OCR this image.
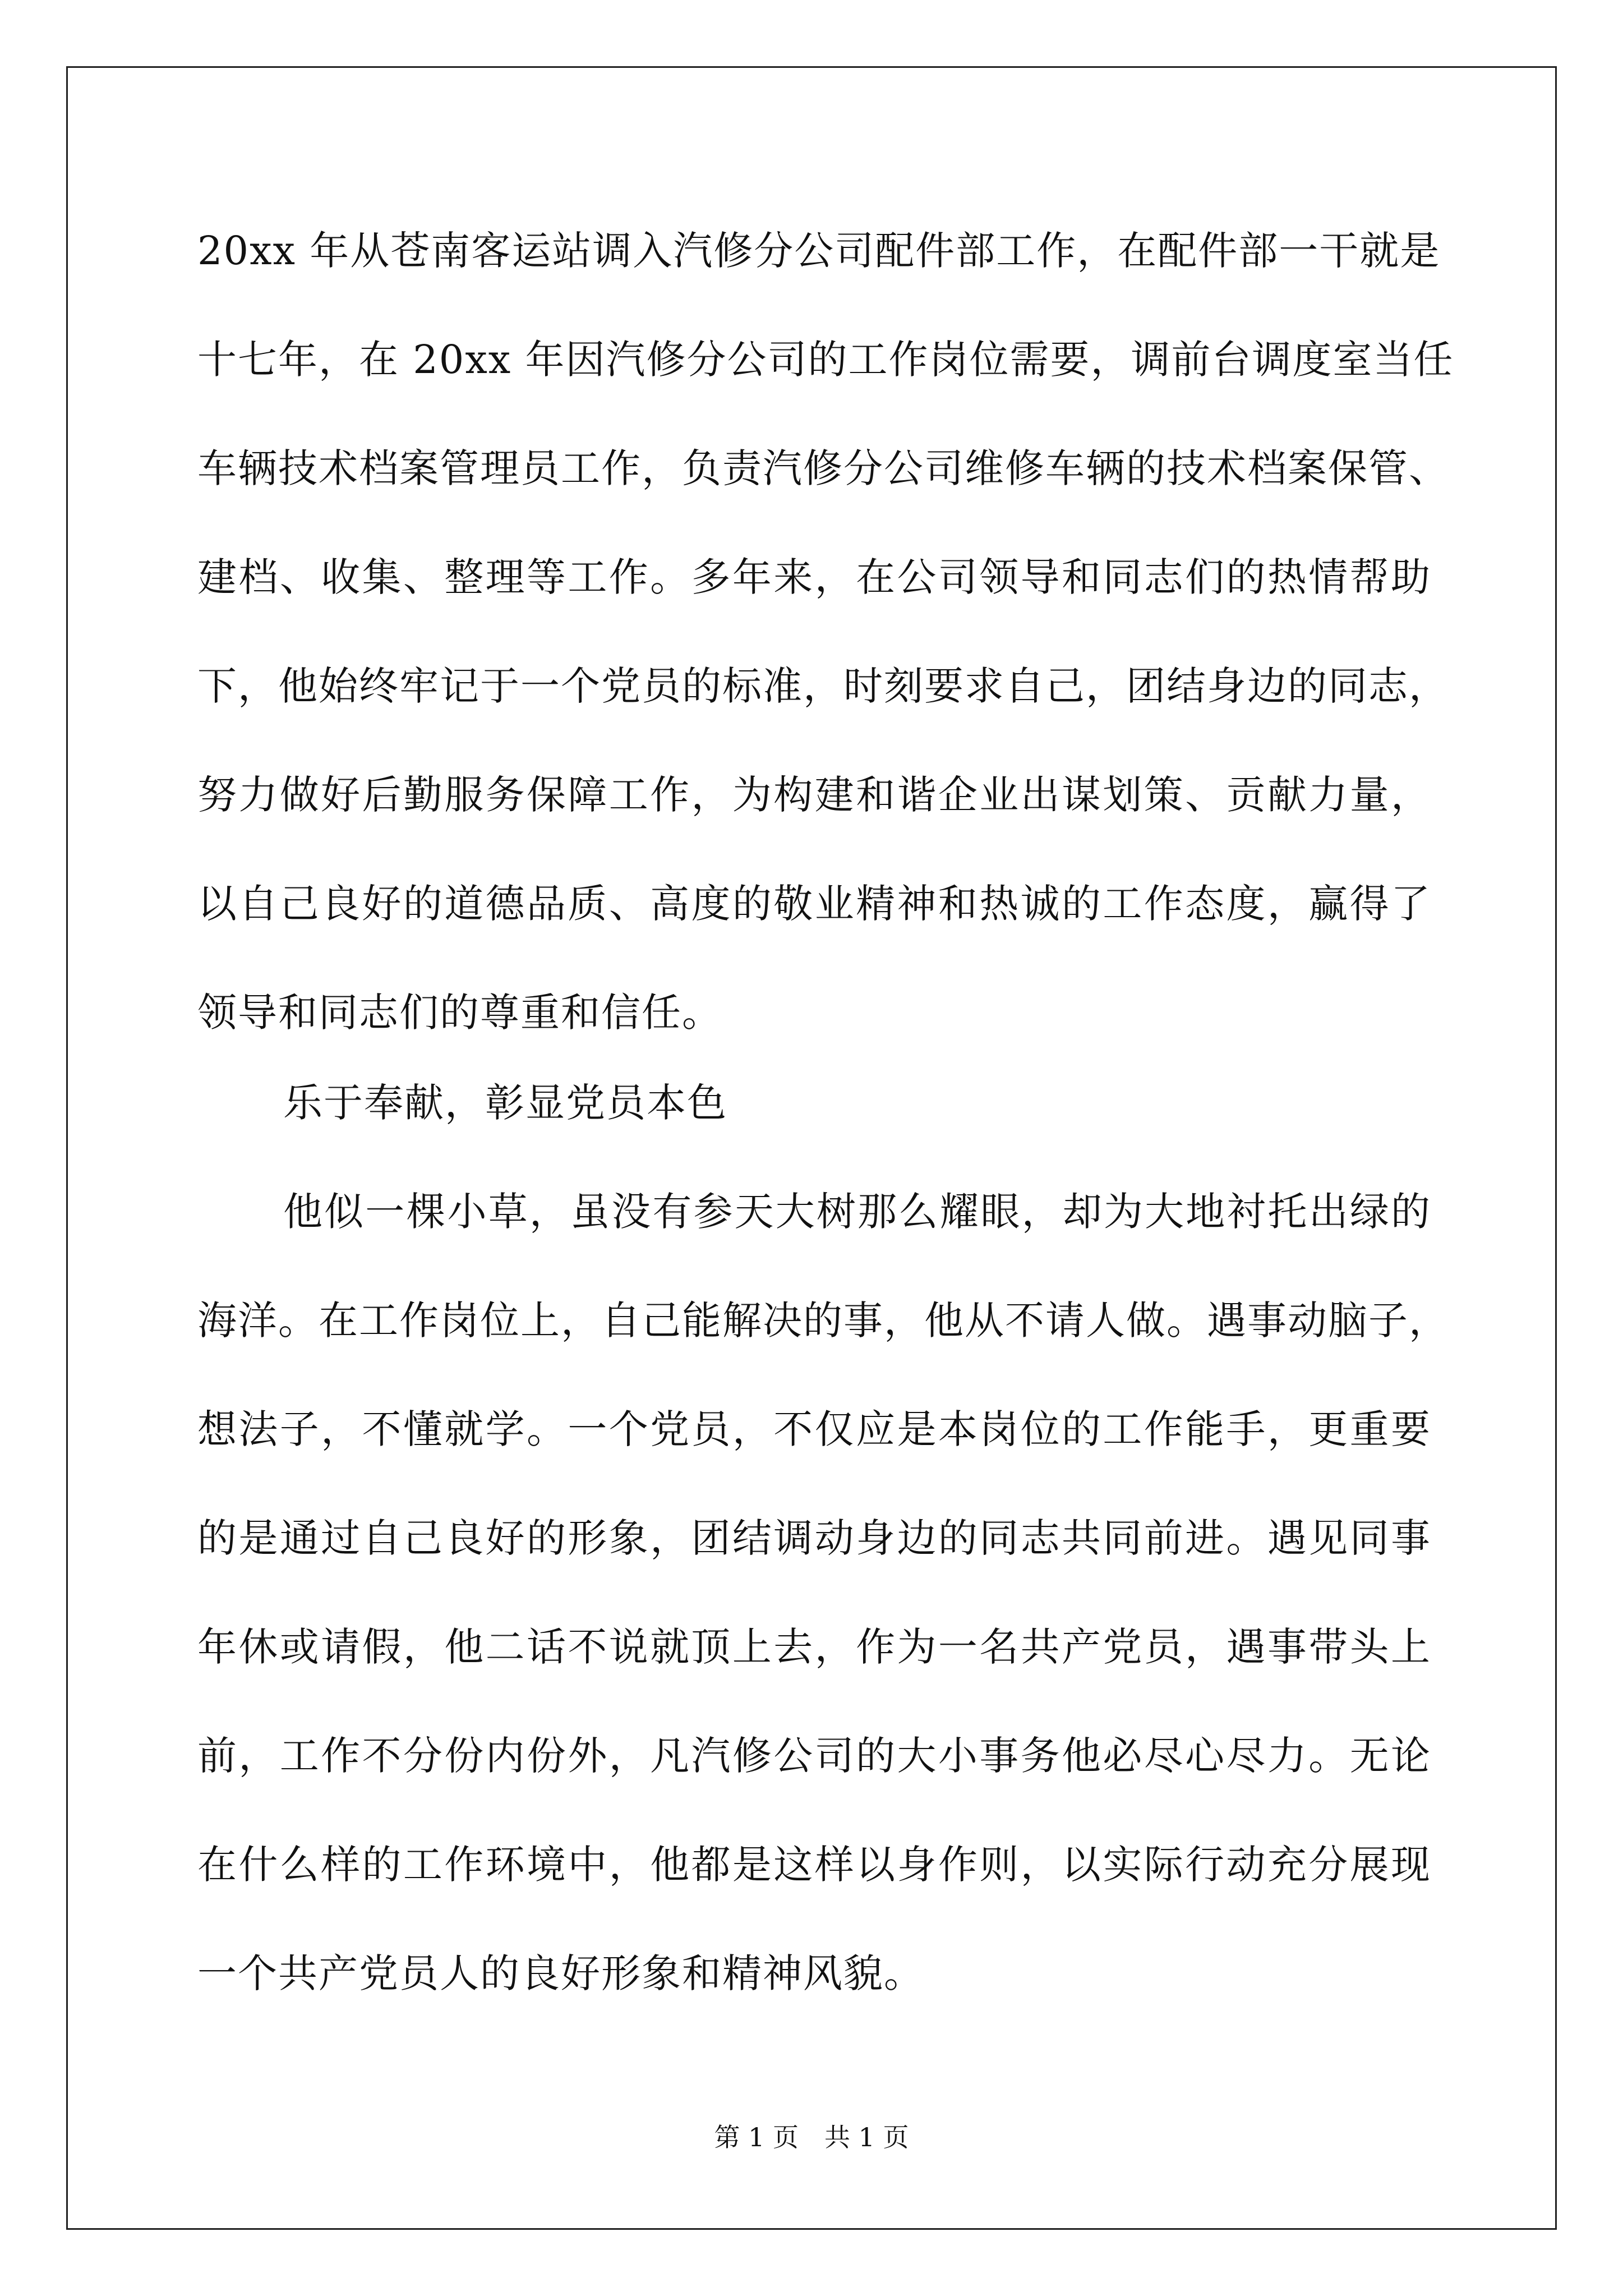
20xx 年从苍南客运站调入汽修分公司配件部工作，在配件部一干就是
十七年，在 20xx 年因汽修分公司的工作岗位需要，调前台调度室当任
车辆技术档案管理员工作，负责汽修分公司维修车辆的技术档案保管、
建档、收集、整理等工作。多年来，在公司领导和同志们的热情帮助
下，他始终牢记于一个党员的标准，时刻要求自己，团结身边的同志，
努力做好后勤服务保障工作，为构建和谐企业出谋划策、贡献力量，
以自己良好的道德品质、高度的敬业精神和热诚的工作态度，赢得了
领导和同志们的尊重和信任。
乐于奉献，彰显党员本色
他似一棵小草，虽没有参天大树那么耀眼，却为大地衬托出绿的
海洋。在工作岗位上，自己能解决的事，他从不请人做。遇事动脑子，
想法子，不懂就学。一个党员，不仅应是本岗位的工作能手，更重要
的是通过自己良好的形象，团结调动身边的同志共同前进。遇见同事
年休或请假，他二话不说就顶上去，作为一名共产党员，遇事带头上
前，工作不分份内份外，凡汽修公司的大小事务他必尽心尽力。无论
在什么样的工作环境中，他都是这样以身作则，以实际行动充分展现
一个共产党员人的良好形象和精神风貌。
第 1 页 共 1 页
